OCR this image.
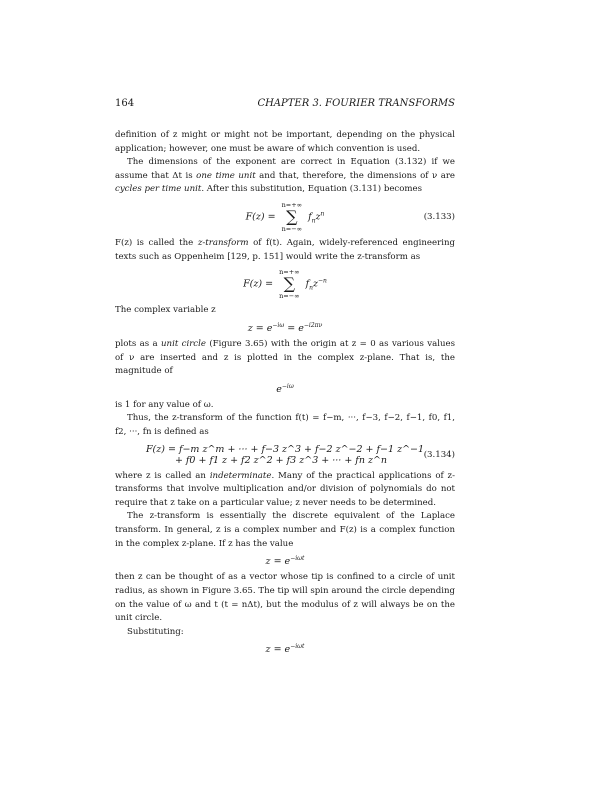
164	CHAPTER 3. FOURIER TRANSFORMS

definition of z might or might not be important, depending on the physical application; however, one must be aware of which convention is used.

The dimensions of the exponent are correct in Equation (3.132) if we assume that Δt is one time unit and that, therefore, the dimensions of ν are cycles per time unit. After this substitution, Equation (3.131) becomes

F(z) =
n=+∞
∑
n=−∞
$f_nz^n$	(3.133)

F(z) is called the z-transform of f(t). Again, widely-referenced engineering texts such as Oppenheim [129, p. 151] would write the z-transform as

F(z) =
n=+∞
∑
n=−∞
$f_nz^{-n}$

The complex variable z

$z = e^{-i\omega} = e^{-i2\pi\nu}$

plots as a unit circle (Figure 3.65) with the origin at z = 0 as various values of ν are inserted and z is plotted in the complex z-plane. That is, the magnitude of

$e^{-i\omega}$

is 1 for any value of ω.

Thus, the z-transform of the function f(t) = f−m, ···, f−3, f−2, f−1, f0, f1, f2, ···, fn is defined as

F(z) = f−m z^m + ··· + f−3 z^3 + f−2 z^−2 + f−1 z^−1
+ f0 + f1 z + f2 z^2 + f3 z^3 + ··· + fn z^n	(3.134)

where z is called an indeterminate. Many of the practical applications of z-transforms that involve multiplication and/or division of polynomials do not require that z take on a particular value; z never needs to be determined.

The z-transform is essentially the discrete equivalent of the Laplace transform. In general, z is a complex number and F(z) is a complex function in the complex z-plane. If z has the value

$z = e^{-i\omega t}$

then z can be thought of as a vector whose tip is confined to a circle of unit radius, as shown in Figure 3.65. The tip will spin around the circle depending on the value of ω and t (t = nΔt), but the modulus of z will always be on the unit circle.

Substituting:

$z = e^{-i\omega t}$
